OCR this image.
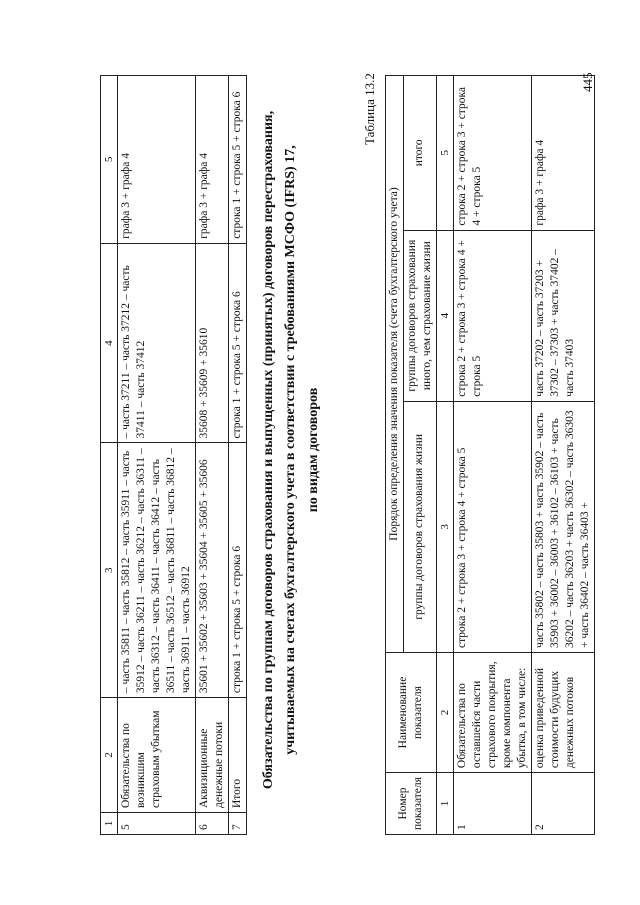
445
1	2	3	4	5
5	Обязательства по возникшим страховым убыткам	– часть 35811 – часть 35812 – часть 35911 – часть 35912 – часть 36211 – часть 36212 – часть 36311 – часть 36312 – часть 36411 – часть 36412 – часть 36511 – часть 36512 – часть 36811 – часть 36812 – часть 36911 – часть 36912	– часть 37211 – часть 37212 – часть 37411 – часть 37412	графа 3 + графа 4
6	Аквизиционные денежные потоки	35601 + 35602 + 35603 + 35604 + 35605 + 35606	35608 + 35609 + 35610	графа 3 + графа 4
7	Итого	строка 1 + строка 5 + строка 6	строка 1 + строка 5 + строка 6	строка 1 + строка 5 + строка 6 Обязательства по группам договоров страхования и выпущенных (принятых) договоров перестрахования, учитываемых на счетах бухгалтерского учета в соответствии с требованиями МСФО (IFRS) 17, по видам договоров
Таблица 13.2
Номер показателя	Наименование показателя	Порядок определения значения показателя (счета бухгалтерского учета)		
		группы договоров страхования жизни	группы договоров страхования иного, чем страхование жизни	итого
1	2	3	4	5
1	Обязательства по оставшейся части страхового покрытия, кроме компонента убытка, в том числе:	строка 2 + строка 3 + строка 4 + строка 5	строка 2 + строка 3 + строка 4 + строка 5	строка 2 + строка 3 + строка 4 + строка 5
2	оценка приведенной стоимости будущих денежных потоков	часть 35802 – часть 35803 + часть 35902 – часть 35903 + 36002 – 36003 + 36102 – 36103 + часть 36202 – часть 36203 + часть 36302 – часть 36303 + часть 36402 – часть 36403 +	часть 37202 – часть 37203 + 37302 – 37303 + часть 37402 – часть 37403	графа 3 + графа 4
